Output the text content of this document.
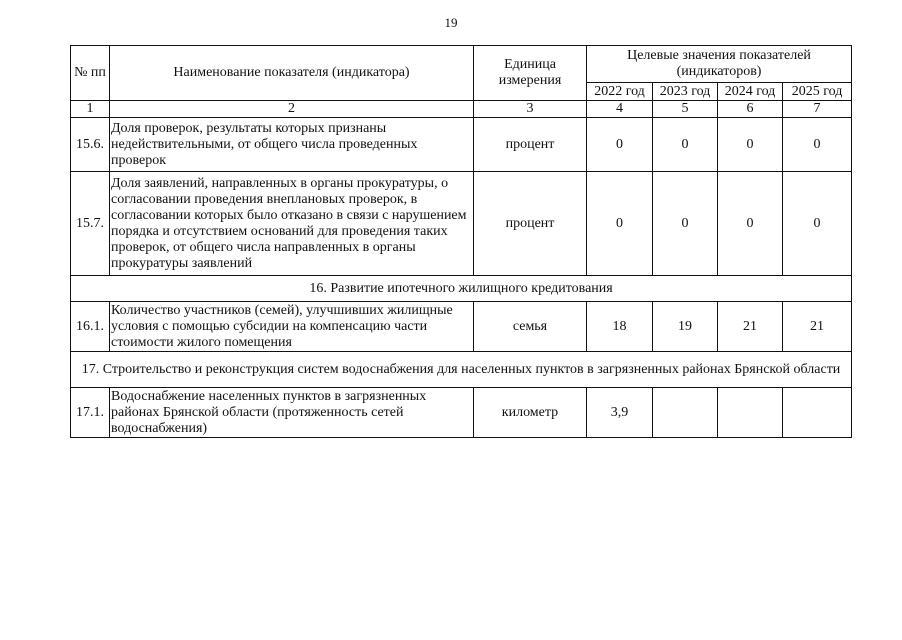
19
№ пп	Наименование показателя (индикатора)	Единица измерения	Целевые значения показателей (индикаторов)			
			2022 год	2023 год	2024 год	2025 год
1	2	3	4	5	6	7
15.6.	Доля проверок, результаты которых признаны недействительными, от общего числа проведенных проверок	процент	0	0	0	0
15.7.	Доля заявлений, направленных в органы прокуратуры, о согласовании проведения внеплановых проверок, в согласовании которых было отказано в связи с нарушением порядка и отсутствием оснований для проведения таких проверок, от общего числа направленных в органы прокуратуры заявлений	процент	0	0	0	0
16. Развитие ипотечного жилищного кредитования						
16.1.	Количество участников (семей), улучшивших жилищные условия с помощью субсидии на компенсацию части стоимости жилого помещения	семья	18	19	21	21
17. Строительство и реконструкция систем водоснабжения для населенных пунктов в загрязненных районах Брянской области						
17.1.	Водоснабжение населенных пунктов в загрязненных районах Брянской области (протяженность сетей водоснабжения)	километр	3,9			
